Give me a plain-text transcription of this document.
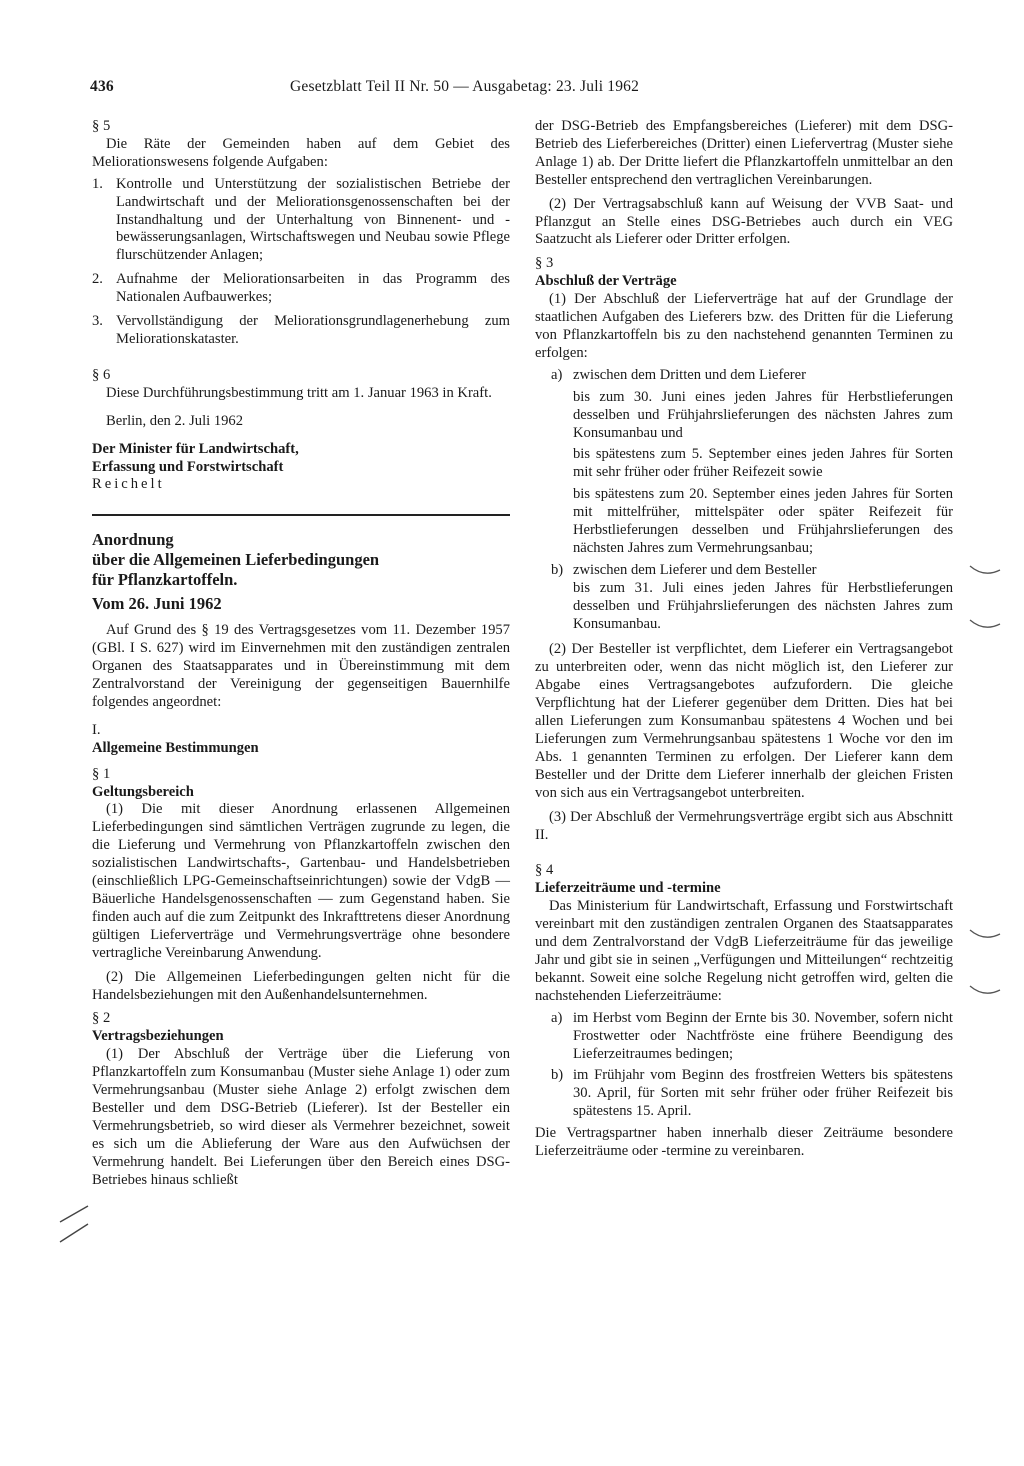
436	Gesetzblatt Teil II Nr. 50 — Ausgabetag: 23. Juli 1962

§ 5

Die Räte der Gemeinden haben auf dem Gebiet des Meliorationswesens folgende Aufgaben:

1. Kontrolle und Unterstützung der sozialistischen Betriebe der Landwirtschaft und der Meliorationsgenossenschaften bei der Instandhaltung und der Unterhaltung von Binnenent- und -bewässerungsanlagen, Wirtschaftswegen und Neubau sowie Pflege flurschützender Anlagen;
2. Aufnahme der Meliorationsarbeiten in das Programm des Nationalen Aufbauwerkes;
3. Vervollständigung der Meliorationsgrundlagenerhebung zum Meliorationskataster.

§ 6

Diese Durchführungsbestimmung tritt am 1. Januar 1963 in Kraft.

Berlin, den 2. Juli 1962

Der Minister für Landwirtschaft,

Erfassung und Forstwirtschaft

Reichelt

Anordnung

über die Allgemeinen Lieferbedingungen

für Pflanzkartoffeln.

Vom 26. Juni 1962

Auf Grund des § 19 des Vertragsgesetzes vom 11. Dezember 1957 (GBl. I S. 627) wird im Einvernehmen mit den zuständigen zentralen Organen des Staatsapparates und in Übereinstimmung mit dem Zentralvorstand der Vereinigung der gegenseitigen Bauernhilfe folgendes angeordnet:

I.

Allgemeine Bestimmungen

§ 1

Geltungsbereich

(1) Die mit dieser Anordnung erlassenen Allgemeinen Lieferbedingungen sind sämtlichen Verträgen zugrunde zu legen, die die Lieferung und Vermehrung von Pflanzkartoffeln zwischen den sozialistischen Landwirtschafts-, Gartenbau- und Handelsbetrieben (einschließlich LPG-Gemeinschaftseinrichtungen) sowie der VdgB — Bäuerliche Handelsgenossenschaften — zum Gegenstand haben. Sie finden auch auf die zum Zeitpunkt des Inkrafttretens dieser Anordnung gültigen Lieferverträge und Vermehrungsverträge ohne besondere vertragliche Vereinbarung Anwendung.

(2) Die Allgemeinen Lieferbedingungen gelten nicht für die Handelsbeziehungen mit den Außenhandelsunternehmen.

§ 2

Vertragsbeziehungen

(1) Der Abschluß der Verträge über die Lieferung von Pflanzkartoffeln zum Konsumanbau (Muster siehe Anlage 1) oder zum Vermehrungsanbau (Muster siehe Anlage 2) erfolgt zwischen dem Besteller und dem DSG-Betrieb (Lieferer). Ist der Besteller ein Vermehrungsbetrieb, so wird dieser als Vermehrer bezeichnet, soweit es sich um die Ablieferung der Ware aus den Aufwüchsen der Vermehrung handelt. Bei Lieferungen über den Bereich eines DSG-Betriebes hinaus schließt

der DSG-Betrieb des Empfangsbereiches (Lieferer) mit dem DSG-Betrieb des Lieferbereiches (Dritter) einen Liefervertrag (Muster siehe Anlage 1) ab. Der Dritte liefert die Pflanzkartoffeln unmittelbar an den Besteller entsprechend den vertraglichen Vereinbarungen.

(2) Der Vertragsabschluß kann auf Weisung der VVB Saat- und Pflanzgut an Stelle eines DSG-Betriebes auch durch ein VEG Saatzucht als Lieferer oder Dritter erfolgen.

§ 3

Abschluß der Verträge

(1) Der Abschluß der Lieferverträge hat auf der Grundlage der staatlichen Aufgaben des Lieferers bzw. des Dritten für die Lieferung von Pflanzkartoffeln bis zu den nachstehend genannten Terminen zu erfolgen:

a) zwischen dem Dritten und dem Lieferer

bis zum 30. Juni eines jeden Jahres für Herbstlieferungen desselben und Frühjahrslieferungen des nächsten Jahres zum Konsumanbau und

bis spätestens zum 5. September eines jeden Jahres für Sorten mit sehr früher oder früher Reifezeit sowie

bis spätestens zum 20. September eines jeden Jahres für Sorten mit mittelfrüher, mittelspäter oder später Reifezeit für Herbstlieferungen desselben und Frühjahrslieferungen des nächsten Jahres zum Vermehrungsanbau;

b) zwischen dem Lieferer und dem Besteller

bis zum 31. Juli eines jeden Jahres für Herbstlieferungen desselben und Frühjahrslieferungen des nächsten Jahres zum Konsumanbau.

(2) Der Besteller ist verpflichtet, dem Lieferer ein Vertragsangebot zu unterbreiten oder, wenn das nicht möglich ist, den Lieferer zur Abgabe eines Vertragsangebotes aufzufordern. Die gleiche Verpflichtung hat der Lieferer gegenüber dem Dritten. Dies hat bei allen Lieferungen zum Konsumanbau spätestens 4 Wochen und bei Lieferungen zum Vermehrungsanbau spätestens 1 Woche vor den im Abs. 1 genannten Terminen zu erfolgen. Der Lieferer kann dem Besteller und der Dritte dem Lieferer innerhalb der gleichen Fristen von sich aus ein Vertragsangebot unterbreiten.

(3) Der Abschluß der Vermehrungsverträge ergibt sich aus Abschnitt II.

§ 4

Lieferzeiträume und -termine

Das Ministerium für Landwirtschaft, Erfassung und Forstwirtschaft vereinbart mit den zuständigen zentralen Organen des Staatsapparates und dem Zentralvorstand der VdgB Lieferzeiträume für das jeweilige Jahr und gibt sie in seinen „Verfügungen und Mitteilungen“ rechtzeitig bekannt. Soweit eine solche Regelung nicht getroffen wird, gelten die nachstehenden Lieferzeiträume:

a) im Herbst vom Beginn der Ernte bis 30. November, sofern nicht Frostwetter oder Nachtfröste eine frühere Beendigung des Lieferzeitraumes bedingen;
b) im Frühjahr vom Beginn des frostfreien Wetters bis spätestens 30. April, für Sorten mit sehr früher oder früher Reifezeit bis spätestens 15. April.

Die Vertragspartner haben innerhalb dieser Zeiträume besondere Lieferzeiträume oder -termine zu vereinbaren.
